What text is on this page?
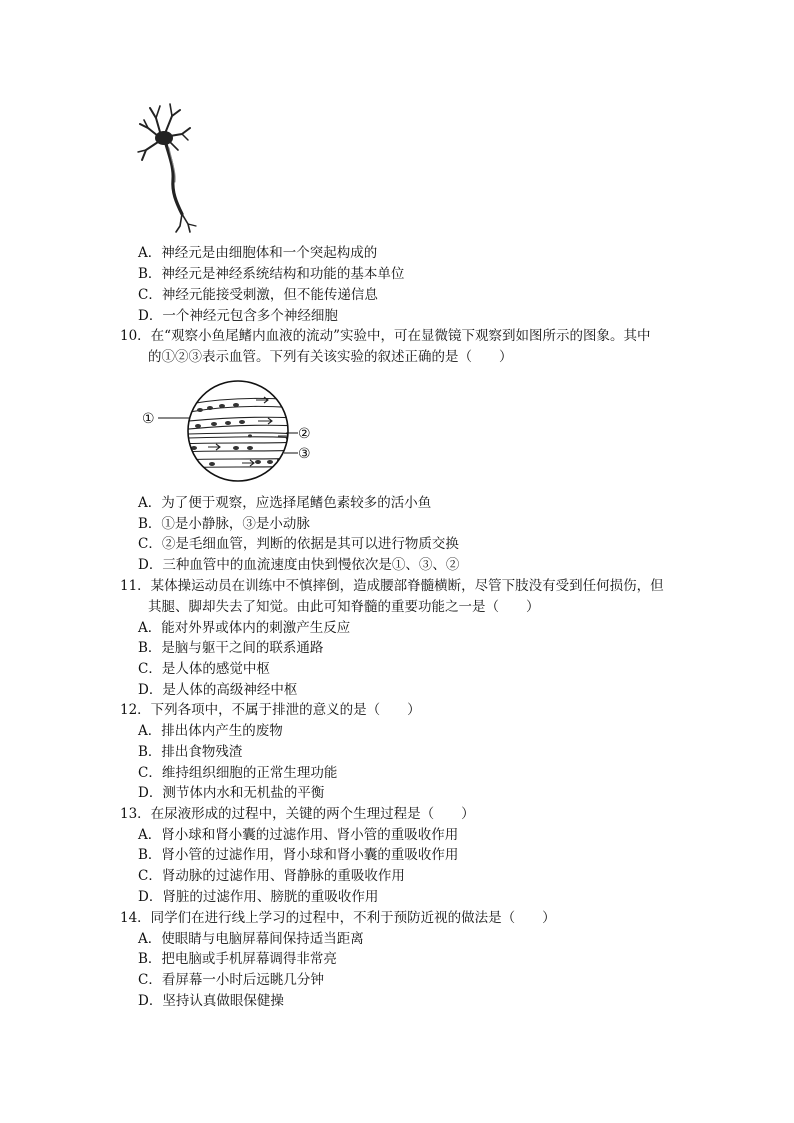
A．神经元是由细胞体和一个突起构成的
B．神经元是神经系统结构和功能的基本单位
C．神经元能接受刺激，但不能传递信息
D．一个神经元包含多个神经细胞
10．在“观察小鱼尾鳍内血液的流动”实验中，可在显微镜下观察到如图所示的图象。其中
的①②③表示血管。下列有关该实验的叙述正确的是（　　）
①
②
③
A．为了便于观察，应选择尾鳍色素较多的活小鱼
B．①是小静脉，③是小动脉
C．②是毛细血管，判断的依据是其可以进行物质交换
D．三种血管中的血流速度由快到慢依次是①、③、②
11．某体操运动员在训练中不慎摔倒，造成腰部脊髓横断，尽管下肢没有受到任何损伤，但
其腿、脚却失去了知觉。由此可知脊髓的重要功能之一是（　　）
A．能对外界或体内的刺激产生反应
B．是脑与躯干之间的联系通路
C．是人体的感觉中枢
D．是人体的高级神经中枢
12．下列各项中，不属于排泄的意义的是（　　）
A．排出体内产生的废物
B．排出食物残渣
C．维持组织细胞的正常生理功能
D．测节体内水和无机盐的平衡
13．在尿液形成的过程中，关键的两个生理过程是（　　）
A．肾小球和肾小囊的过滤作用、肾小管的重吸收作用
B．肾小管的过滤作用，肾小球和肾小囊的重吸收作用
C．肾动脉的过滤作用、肾静脉的重吸收作用
D．肾脏的过滤作用、膀胱的重吸收作用
14．同学们在进行线上学习的过程中，不利于预防近视的做法是（　　）
A．使眼睛与电脑屏幕间保持适当距离
B．把电脑或手机屏幕调得非常亮
C．看屏幕一小时后远眺几分钟
D．坚持认真做眼保健操
